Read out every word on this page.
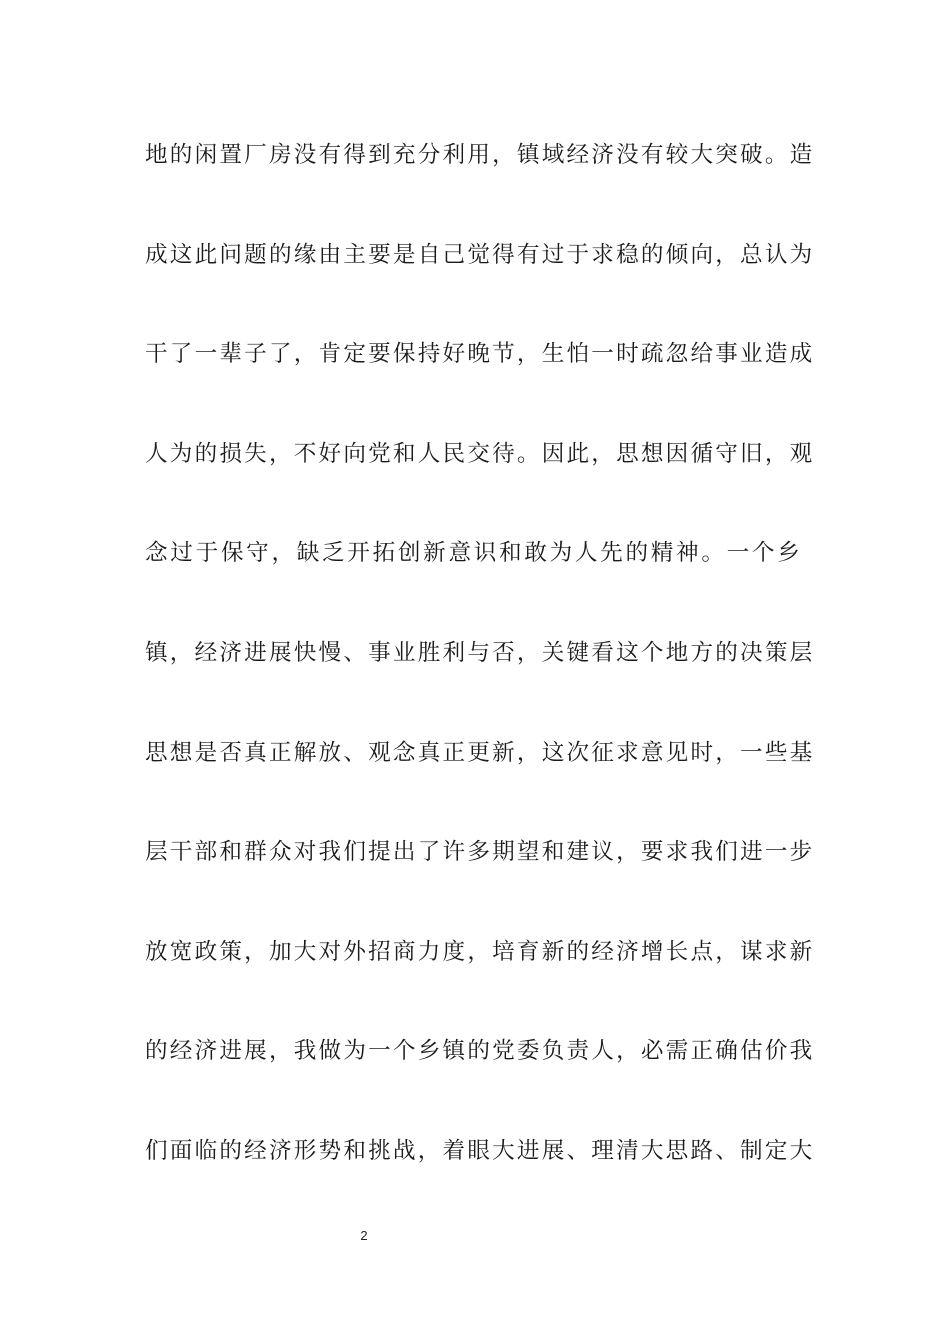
地的闲置厂房没有得到充分利用，镇域经济没有较大突破。造
成这此问题的缘由主要是自己觉得有过于求稳的倾向，总认为
干了一辈子了，肯定要保持好晚节，生怕一时疏忽给事业造成
人为的损失，不好向党和人民交待。因此，思想因循守旧，观
念过于保守，缺乏开拓创新意识和敢为人先的精神。一个乡
镇，经济进展快慢、事业胜利与否，关键看这个地方的决策层
思想是否真正解放、观念真正更新，这次征求意见时，一些基
层干部和群众对我们提出了许多期望和建议，要求我们进一步
放宽政策，加大对外招商力度，培育新的经济增长点，谋求新
的经济进展，我做为一个乡镇的党委负责人，必需正确估价我
们面临的经济形势和挑战，着眼大进展、理清大思路、制定大
2
